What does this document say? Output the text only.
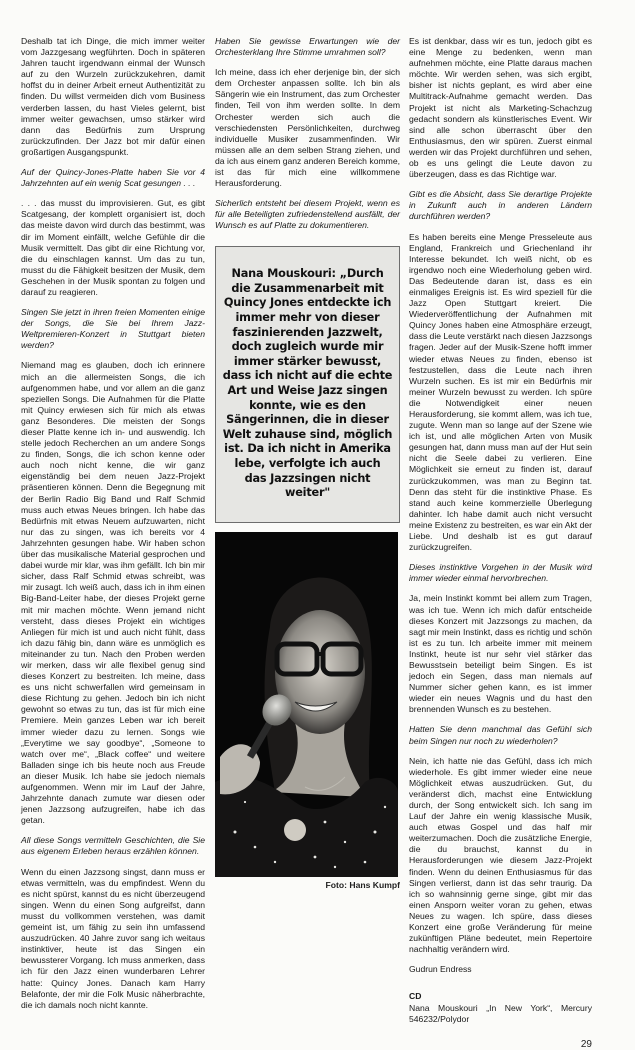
Deshalb tat ich Dinge, die mich immer weiter vom Jazzgesang wegführten. Doch in späteren Jahren taucht irgendwann einmal der Wunsch auf zu den Wurzeln zurückzukehren, damit hoffst du in deiner Arbeit erneut Authentizität zu finden. Du willst vermeiden dich vom Business verderben lassen, du hast Vieles gelernt, bist immer weiter gewachsen, umso stärker wird dann das Bedürfnis zum Ursprung zurückzufinden. Der Jazz bot mir dafür einen großartigen Ausgangspunkt.

Auf der Quincy-Jones-Platte haben Sie vor 4 Jahrzehnten auf ein wenig Scat gesungen . . .

. . . das musst du improvisieren. Gut, es gibt Scatgesang, der komplett organisiert ist, doch das meiste davon wird durch das bestimmt, was dir im Moment einfällt, welche Gefühle dir die Musik vermittelt. Das gibt dir eine Richtung vor, die du einschlagen kannst. Um das zu tun, musst du die Fähigkeit besitzen der Musik, dem Geschehen in der Musik spontan zu folgen und darauf zu reagieren.

Singen Sie jetzt in ihren freien Momenten einige der Songs, die Sie bei Ihrem Jazz-Weltpremieren-Konzert in Stuttgart bieten werden?

Niemand mag es glauben, doch ich erinnere mich an die allermeisten Songs, die ich aufgenommen habe, und vor allem an die ganz speziellen Songs. Die Aufnahmen für die Platte mit Quincy erwiesen sich für mich als etwas ganz Besonderes. Die meisten der Songs dieser Platte kenne ich in- und auswendig. Ich stelle jedoch Recherchen an um andere Songs zu finden, Songs, die ich schon kenne oder auch noch nicht kenne, die wir ganz eigenständig bei dem neuen Jazz-Projekt präsentieren können. Denn die Begegnung mit der Berlin Radio Big Band und Ralf Schmid muss auch etwas Neues bringen. Ich habe das Bedürfnis mit etwas Neuem aufzuwarten, nicht nur das zu singen, was ich bereits vor 4 Jahrzehnten gesungen habe. Wir haben schon über das musikalische Material gesprochen und dabei wurde mir klar, was ihm gefällt. Ich bin mir sicher, dass Ralf Schmid etwas schreibt, was mir zusagt. Ich weiß auch, dass ich in ihm einen Big-Band-Leiter habe, der dieses Projekt gerne mit mir machen möchte. Wenn jemand nicht versteht, dass dieses Projekt ein wichtiges Anliegen für mich ist und auch nicht fühlt, dass ich dazu fähig bin, dann wäre es unmöglich es miteinander zu tun. Nach den Proben werden wir merken, dass wir alle flexibel genug sind dieses Konzert zu bestreiten. Ich meine, dass es uns nicht schwerfallen wird gemeinsam in diese Richtung zu gehen. Jedoch bin ich nicht gewohnt so etwas zu tun, das ist für mich eine Premiere. Mein ganzes Leben war ich bereit immer wieder dazu zu lernen. Songs wie „Everytime we say goodbye“, „Someone to watch over me“, „Black coffee“ und weitere Balladen singe ich bis heute noch aus Freude an dieser Musik. Ich habe sie jedoch niemals aufgenommen. Wenn mir im Lauf der Jahre, Jahrzehnte danach zumute war diesen oder jenen Jazzsong aufzugreifen, habe ich das getan.

All diese Songs vermitteln Geschichten, die Sie aus eigenem Erleben heraus erzählen können.

Wenn du einen Jazzsong singst, dann muss er etwas vermitteln, was du empfindest. Wenn du es nicht spürst, kannst du es nicht überzeugend singen. Wenn du einen Song aufgreifst, dann musst du vollkommen verstehen, was damit gemeint ist, um fähig zu sein ihn umfassend auszudrücken. 40 Jahre zuvor sang ich weitaus instinktiver, heute ist das Singen ein bewussterer Vorgang. Ich muss anmerken, dass ich für den Jazz einen wunderbaren Lehrer hatte: Quincy Jones. Danach kam Harry Belafonte, der mir die Folk Music näherbrachte, die ich damals noch nicht kannte.

Haben Sie gewisse Erwartungen wie der Orchesterklang Ihre Stimme umrahmen soll?

Ich meine, dass ich eher derjenige bin, der sich dem Orchester anpassen sollte. Ich bin als Sängerin wie ein Instrument, das zum Orchester finden, Teil von ihm werden sollte. In dem Orchester werden sich auch die verschiedensten Persönlichkeiten, durchweg individuelle Musiker zusammenfinden. Wir müssen alle an dem selben Strang ziehen, und da ich aus einem ganz anderen Bereich komme, ist das für mich eine willkommene Herausforderung.

Sicherlich entsteht bei diesem Projekt, wenn es für alle Beteiligten zufriedenstellend ausfällt, der Wunsch es auf Platte zu dokumentieren.

Nana Mouskouri: „Durch die Zusammenarbeit mit Quincy Jones entdeckte ich immer mehr von dieser faszinierenden Jazzwelt, doch zugleich wurde mir immer stärker bewusst, dass ich nicht auf die echte Art und Weise Jazz singen konnte, wie es den Sängerinnen, die in dieser Welt zuhause sind, möglich ist. Da ich nicht in Amerika lebe, verfolgte ich auch das Jazzsingen nicht weiter"
Foto: Hans Kumpf

Es ist denkbar, dass wir es tun, jedoch gibt es eine Menge zu bedenken, wenn man aufnehmen möchte, eine Platte daraus machen möchte. Wir werden sehen, was sich ergibt, bisher ist nichts geplant, es wird aber eine Multitrack-Aufnahme gemacht werden. Das Projekt ist nicht als Marketing-Schachzug gedacht sondern als künstlerisches Event. Wir sind alle schon überrascht über den Enthusiasmus, den wir spüren. Zuerst einmal werden wir das Projekt durchführen und sehen, ob es uns gelingt die Leute davon zu überzeugen, dass es das Richtige war.

Gibt es die Absicht, dass Sie derartige Projekte in Zukunft auch in anderen Ländern durchführen werden?

Es haben bereits eine Menge Presseleute aus England, Frankreich und Griechenland ihr Interesse bekundet. Ich weiß nicht, ob es irgendwo noch eine Wiederholung geben wird. Das Bedeutende daran ist, dass es ein einmaliges Ereignis ist. Es wird speziell für die Jazz Open Stuttgart kreiert. Die Wiederveröffentlichung der Aufnahmen mit Quincy Jones haben eine Atmosphäre erzeugt, dass die Leute verstärkt nach diesen Jazzsongs fragen. Jeder auf der Musik-Szene hofft immer wieder etwas Neues zu finden, ebenso ist festzustellen, dass die Leute nach ihren Wurzeln suchen. Es ist mir ein Bedürfnis mir meiner Wurzeln bewusst zu werden. Ich spüre die Notwendigkeit einer neuen Herausforderung, sie kommt allem, was ich tue, zugute. Wenn man so lange auf der Szene wie ich ist, und alle möglichen Arten von Musik gesungen hat, dann muss man auf der Hut sein nicht die Seele dabei zu verlieren. Eine Möglichkeit sie erneut zu finden ist, darauf zurückzukommen, was man zu Beginn tat. Denn das steht für die instinktive Phase. Es stand auch keine kommerzielle Überlegung dahinter. Ich habe damit auch nicht versucht meine Existenz zu bestreiten, es war ein Akt der Liebe. Und deshalb ist es gut darauf zurückzugreifen.

Dieses instinktive Vorgehen in der Musik wird immer wieder einmal hervorbrechen.

Ja, mein Instinkt kommt bei allem zum Tragen, was ich tue. Wenn ich mich dafür entscheide dieses Konzert mit Jazzsongs zu machen, da sagt mir mein Instinkt, dass es richtig und schön ist es zu tun. Ich arbeite immer mit meinem Instinkt, heute ist nur sehr viel stärker das Bewusstsein beteiligt beim Singen. Es ist jedoch ein Segen, dass man niemals auf Nummer sicher gehen kann, es ist immer wieder ein neues Wagnis und du hast den brennenden Wunsch es zu bestehen.

Hatten Sie denn manchmal das Gefühl sich beim Singen nur noch zu wiederholen?

Nein, ich hatte nie das Gefühl, dass ich mich wiederhole. Es gibt immer wieder eine neue Möglichkeit etwas auszudrücken. Gut, du veränderst dich, machst eine Entwicklung durch, der Song entwickelt sich. Ich sang im Lauf der Jahre ein wenig klassische Musik, auch etwas Gospel und das half mir weiterzumachen. Doch die zusätzliche Energie, die du brauchst, kannst du in Herausforderungen wie diesem Jazz-Projekt finden. Wenn du deinen Enthusiasmus für das Singen verlierst, dann ist das sehr traurig. Da ich so wahnsinnig gerne singe, gibt mir das einen Ansporn weiter voran zu gehen, etwas Neues zu wagen. Ich spüre, dass dieses Konzert eine große Veränderung für meine zukünftigen Pläne bedeutet, mein Repertoire nachhaltig verändern wird.

Gudrun Endress

CD
Nana Mouskouri „In New York“, Mercury 546232/Polydor
29
